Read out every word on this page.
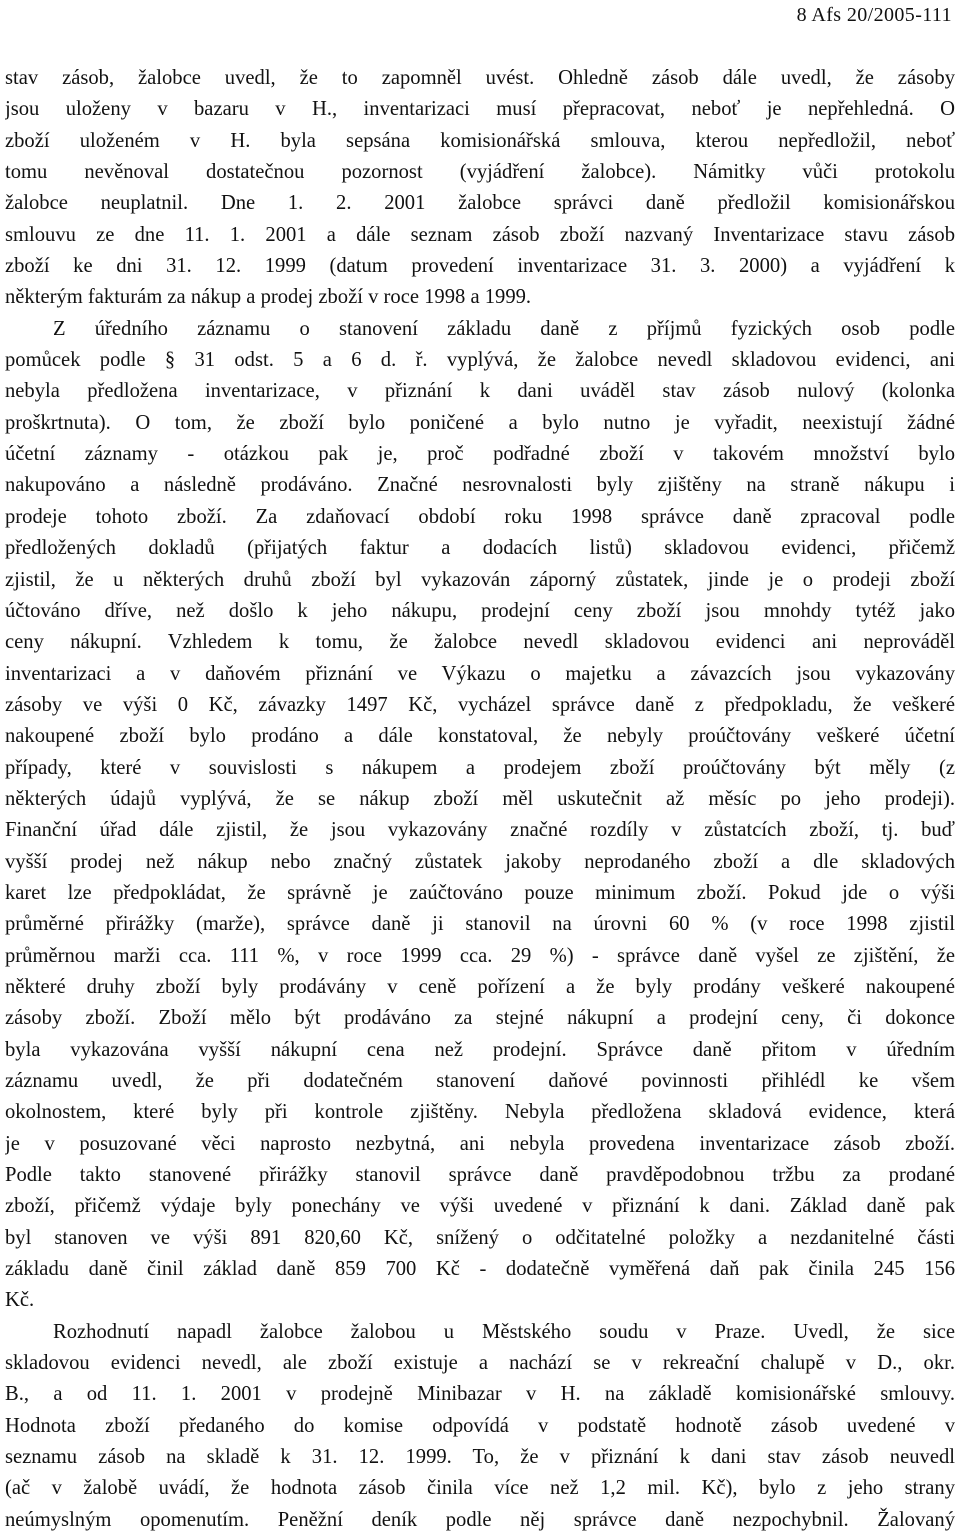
8 Afs 20/2005-111
stav zásob, žalobce uvedl, že to zapomněl uvést. Ohledně zásob dále uvedl, že zásoby
jsou uloženy v bazaru v H., inventarizaci musí přepracovat, neboť je nepřehledná. O
zboží uloženém v H. byla sepsána komisionářská smlouva, kterou nepředložil, neboť
tomu nevěnoval dostatečnou pozornost (vyjádření žalobce). Námitky vůči protokolu
žalobce neuplatnil. Dne 1. 2. 2001 žalobce správci daně předložil komisionářskou
smlouvu ze dne 11. 1. 2001 a dále seznam zásob zboží nazvaný Inventarizace stavu zásob
zboží ke dni 31. 12. 1999 (datum provedení inventarizace 31. 3. 2000) a vyjádření k
některým fakturám za nákup a prodej zboží v roce 1998 a 1999.
Z úředního záznamu o stanovení základu daně z příjmů fyzických osob podle
pomůcek podle § 31 odst. 5 a 6 d. ř. vyplývá, že žalobce nevedl skladovou evidenci, ani
nebyla předložena inventarizace, v přiznání k dani uváděl stav zásob nulový (kolonka
proškrtnuta). O tom, že zboží bylo poničené a bylo nutno je vyřadit, neexistují žádné
účetní záznamy - otázkou pak je, proč podřadné zboží v takovém množství bylo
nakupováno a následně prodáváno. Značné nesrovnalosti byly zjištěny na straně nákupu i
prodeje tohoto zboží. Za zdaňovací období roku 1998 správce daně zpracoval podle
předložených dokladů (přijatých faktur a dodacích listů) skladovou evidenci, přičemž
zjistil, že u některých druhů zboží byl vykazován záporný zůstatek, jinde je o prodeji zboží
účtováno dříve, než došlo k jeho nákupu, prodejní ceny zboží jsou mnohdy tytéž jako
ceny nákupní. Vzhledem k tomu, že žalobce nevedl skladovou evidenci ani neprováděl
inventarizaci a v daňovém přiznání ve Výkazu o majetku a závazcích jsou vykazovány
zásoby ve výši 0 Kč, závazky 1497 Kč, vycházel správce daně z předpokladu, že veškeré
nakoupené zboží bylo prodáno a dále konstatoval, že nebyly proúčtovány veškeré účetní
případy, které v souvislosti s nákupem a prodejem zboží proúčtovány být měly (z
některých údajů vyplývá, že se nákup zboží měl uskutečnit až měsíc po jeho prodeji).
Finanční úřad dále zjistil, že jsou vykazovány značné rozdíly v zůstatcích zboží, tj. buď
vyšší prodej než nákup nebo značný zůstatek jakoby neprodaného zboží a dle skladových
karet lze předpokládat, že správně je zaúčtováno pouze minimum zboží. Pokud jde o výši
průměrné přirážky (marže), správce daně ji stanovil na úrovni 60 % (v roce 1998 zjistil
průměrnou marži cca. 111 %, v roce 1999 cca. 29 %) - správce daně vyšel ze zjištění, že
některé druhy zboží byly prodávány v ceně pořízení a že byly prodány veškeré nakoupené
zásoby zboží. Zboží mělo být prodáváno za stejné nákupní a prodejní ceny, či dokonce
byla vykazována vyšší nákupní cena než prodejní. Správce daně přitom v úředním
záznamu uvedl, že při dodatečném stanovení daňové povinnosti přihlédl ke všem
okolnostem, které byly při kontrole zjištěny. Nebyla předložena skladová evidence, která
je v posuzované věci naprosto nezbytná, ani nebyla provedena inventarizace zásob zboží.
Podle takto stanovené přirážky stanovil správce daně pravděpodobnou tržbu za prodané
zboží, přičemž výdaje byly ponechány ve výši uvedené v přiznání k dani. Základ daně pak
byl stanoven ve výši 891 820,60 Kč, snížený o odčitatelné položky a nezdanitelné části
základu daně činil základ daně 859 700 Kč - dodatečně vyměřená daň pak činila 245 156
Kč.
Rozhodnutí napadl žalobce žalobou u Městského soudu v Praze. Uvedl, že sice
skladovou evidenci nevedl, ale zboží existuje a nachází se v rekreační chalupě v D., okr.
B., a od 11. 1. 2001 v prodejně Minibazar v H. na základě komisionářské smlouvy.
Hodnota zboží předaného do komise odpovídá v podstatě hodnotě zásob uvedené v
seznamu zásob na skladě k 31. 12. 1999. To, že v přiznání k dani stav zásob neuvedl
(ač v žalobě uvádí, že hodnota zásob činila více než 1,2 mil. Kč), bylo z jeho strany
neúmyslným opomenutím. Peněžní deník podle něj správce daně nezpochybnil. Žalovaný
